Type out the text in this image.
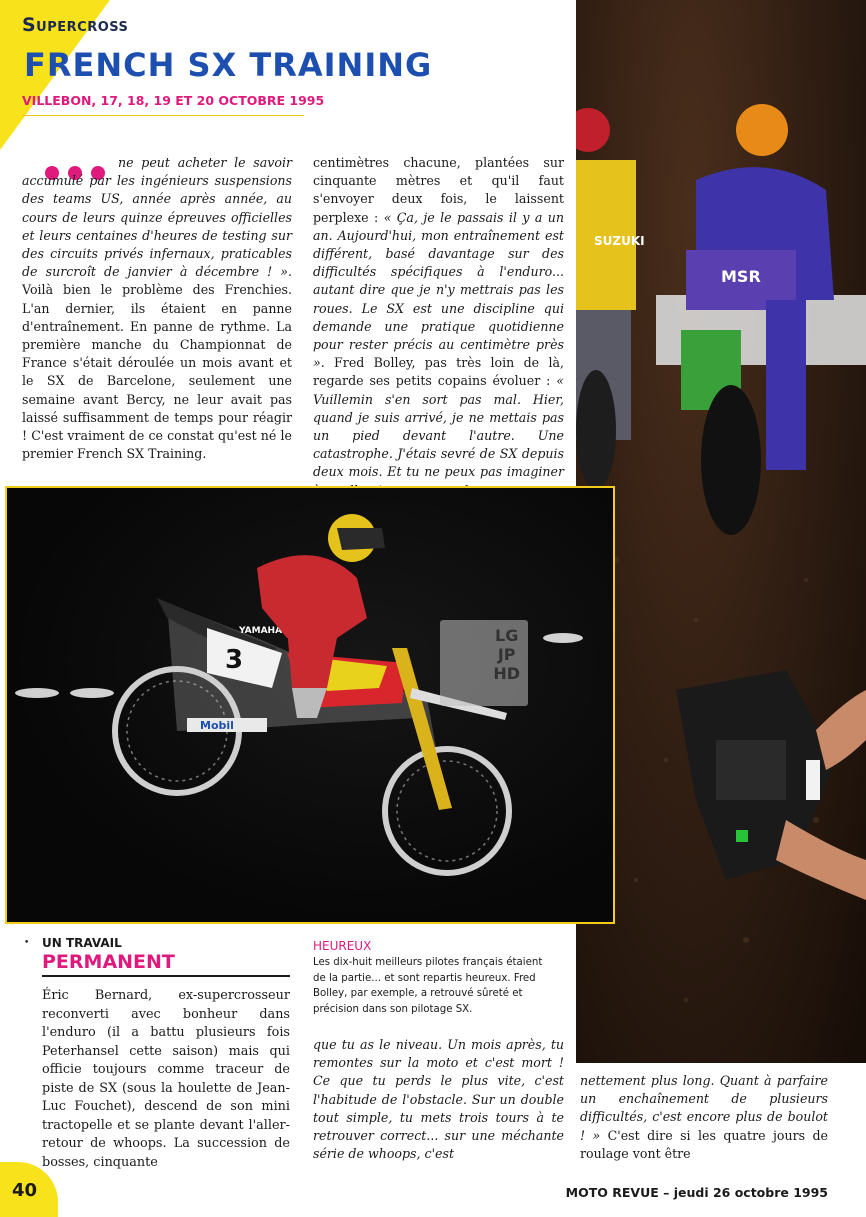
Supercross
FRENCH SX TRAINING
VILLEBON, 17, 18, 19 ET 20 OCTOBRE 1995
SUZUKI
MSR

ne peut acheter le savoir accumulé par les ingénieurs suspensions des teams US, année après année, au cours de leurs quinze épreuves officielles et leurs centaines d'heures de testing sur des circuits privés infernaux, praticables de surcroît de janvier à décembre ! ». Voilà bien le problème des Frenchies. L'an dernier, ils étaient en panne d'entraînement. En panne de rythme. La première manche du Championnat de France s'était déroulée un mois avant et le SX de Barcelone, seulement une semaine avant Bercy, ne leur avait pas laissé suffisamment de temps pour réagir ! C'est vraiment de ce constat qu'est né le premier French SX Training.

centimètres chacune, plantées sur cinquante mètres et qu'il faut s'envoyer deux fois, le laissent perplexe : « Ça, je le passais il y a un an. Aujourd'hui, mon entraînement est différent, basé davantage sur des difficultés spécifiques à l'enduro... autant dire que je n'y mettrais pas les roues. Le SX est une discipline qui demande une pratique quotidienne pour rester précis au centimètre près ». Fred Bolley, pas très loin de là, regarde ses petits copains évoluer : « Vuillemin s'en sort pas mal. Hier, quand je suis arrivé, je ne mettais pas un pied devant l'autre. Une catastrophe. J'étais sevré de SX depuis deux mois. Et tu ne peux pas imaginer

3
YAMAHA
Mobil
LG
JP
HD
• UN TRAVAIL
PERMANENT

Éric Bernard, ex-supercrosseur reconverti avec bonheur dans l'enduro (il a battu plusieurs fois Peterhansel cette saison) mais qui officie toujours comme traceur de piste de SX (sous la houlette de Jean-Luc Fouchet), descend de son mini tractopelle et se plante devant l'aller-retour de whoops. La succession de bosses, cinquante

HEUREUX
Les dix-huit meilleurs pilotes français étaient de la partie... et sont repartis heureux. Fred Bolley, par exemple, a retrouvé sûreté et précision dans son pilotage SX.

que tu as le niveau. Un mois après, tu remontes sur la moto et c'est mort ! Ce que tu perds le plus vite, c'est l'habitude de l'obstacle. Sur un double tout simple, tu mets trois tours à te retrouver correct... sur une méchante série de whoops, c'est

nettement plus long. Quant à parfaire un enchaînement de plusieurs difficultés, c'est encore plus de boulot ! » C'est dire si les quatre jours de roulage vont être

40	MOTO REVUE – jeudi 26 octobre 1995
